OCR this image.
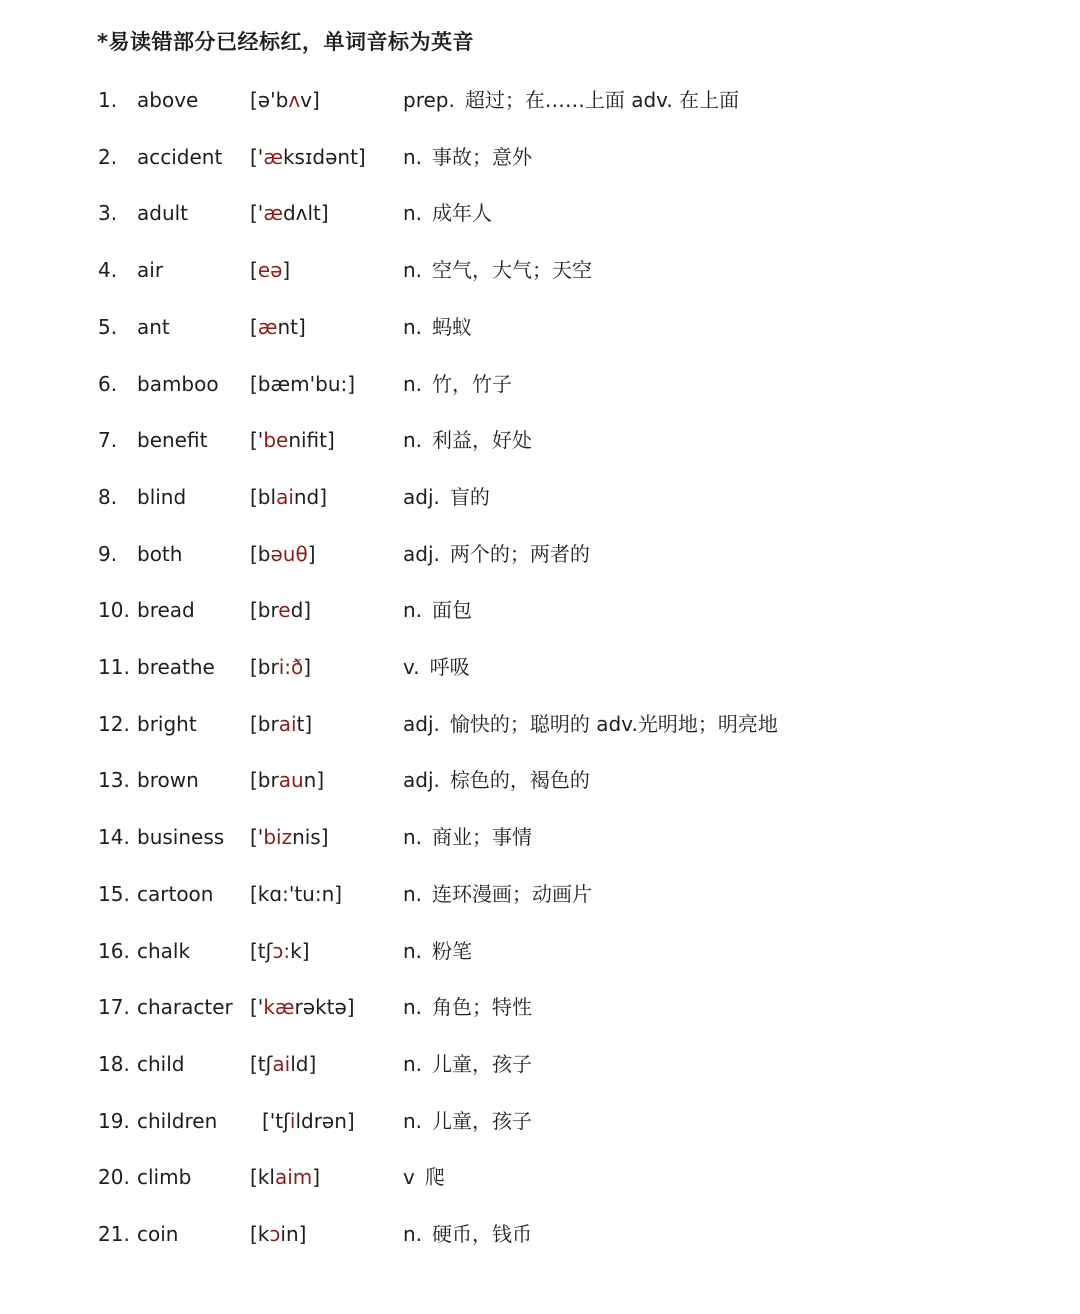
*易读错部分已经标红，单词音标为英音
1. above	[ə'bʌv]	prep. 超过；在……上面 adv. 在上面
2. accident ['æksɪdənt] n. 事故；意外
3. adult	['ædʌlt]	n. 成年人
4. air	[eə]	n. 空气，大气；天空
5. ant	[ænt]	n. 蚂蚁
6. bamboo [bæm'bu:] n. 竹，竹子
7. benefit ['benifit]	n. 利益，好处
8. blind	[blaind]	adj. 盲的
9. both	[bəuθ]	adj. 两个的；两者的
10. bread	[bred]	n. 面包
11. breathe [bri:ð]	v. 呼吸
12. bright	[brait]	adj. 愉快的；聪明的 adv.光明地；明亮地
13. brown	[braun]	adj. 棕色的，褐色的
14. business ['biznis]	n. 商业；事情
15. cartoon [kɑ:'tu:n]	n. 连环漫画；动画片
16. chalk	[tʃɔ:k]	n. 粉笔
17. character ['kærəktə] n. 角色；特性
18. child	[tʃaild]	n. 儿童，孩子
19. children ['tʃildrən] n. 儿童，孩子
20. climb	[klaim]	v 爬
21. coin	[kɔin]	n. 硬币，钱币
